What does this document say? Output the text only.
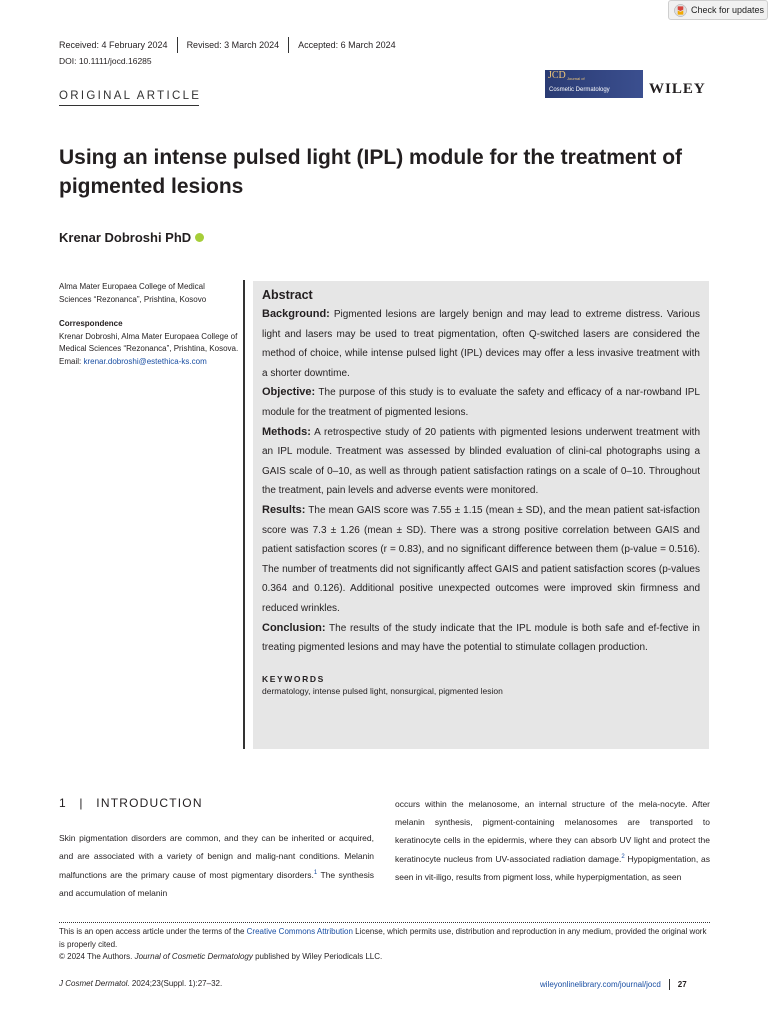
Check for updates
Received: 4 February 2024	Revised: 3 March 2024	Accepted: 6 March 2024
DOI: 10.1111/jocd.16285
ORIGINAL ARTICLE
JCD Journal of
Cosmetic Dermatology	WILEY
Using an intense pulsed light (IPL) module for the treatment of pigmented lesions
Krenar Dobroshi PhD
Alma Mater Europaea College of Medical Sciences “Rezonanca”, Prishtina, Kosovo
Correspondence
Krenar Dobroshi, Alma Mater Europaea College of Medical Sciences “Rezonanca”, Prishtina, Kosova.
Email: krenar.dobroshi@estethica-ks.com
Abstract

Background: Pigmented lesions are largely benign and may lead to extreme distress. Various light and lasers may be used to treat pigmentation, often Q-switched lasers are considered the method of choice, while intense pulsed light (IPL) devices may offer a less invasive treatment with a shorter downtime.

Objective: The purpose of this study is to evaluate the safety and efficacy of a nar-rowband IPL module for the treatment of pigmented lesions.

Methods: A retrospective study of 20 patients with pigmented lesions underwent treatment with an IPL module. Treatment was assessed by blinded evaluation of clini-cal photographs using a GAIS scale of 0–10, as well as through patient satisfaction ratings on a scale of 0–10. Throughout the treatment, pain levels and adverse events were monitored.

Results: The mean GAIS score was 7.55 ± 1.15 (mean ± SD), and the mean patient sat-isfaction score was 7.3 ± 1.26 (mean ± SD). There was a strong positive correlation between GAIS and patient satisfaction scores (r = 0.83), and no significant difference between them (p-value = 0.516). The number of treatments did not significantly affect GAIS and patient satisfaction scores (p-values 0.364 and 0.126). Additional positive unexpected outcomes were improved skin firmness and reduced wrinkles.

Conclusion: The results of the study indicate that the IPL module is both safe and ef-fective in treating pigmented lesions and may have the potential to stimulate collagen production.

KEYWORDS
dermatology, intense pulsed light, nonsurgical, pigmented lesion
1 | INTRODUCTION

Skin pigmentation disorders are common, and they can be inherited or acquired, and are associated with a variety of benign and malig-nant conditions. Melanin malfunctions are the primary cause of most pigmentary disorders.$^1$ The synthesis and accumulation of melanin

occurs within the melanosome, an internal structure of the mela-nocyte. After melanin synthesis, pigment-containing melanosomes are transported to keratinocyte cells in the epidermis, where they can absorb UV light and protect the keratinocyte nucleus from UV-associated radiation damage.$^2$ Hypopigmentation, as seen in vit-iligo, results from pigment loss, while hyperpigmentation, as seen

This is an open access article under the terms of the Creative Commons Attribution License, which permits use, distribution and reproduction in any medium, provided the original work is properly cited.
© 2024 The Authors. Journal of Cosmetic Dermatology published by Wiley Periodicals LLC.
J Cosmet Dermatol. 2024;23(Suppl. 1):27–32.	wileyonlinelibrary.com/journal/jocd 27
